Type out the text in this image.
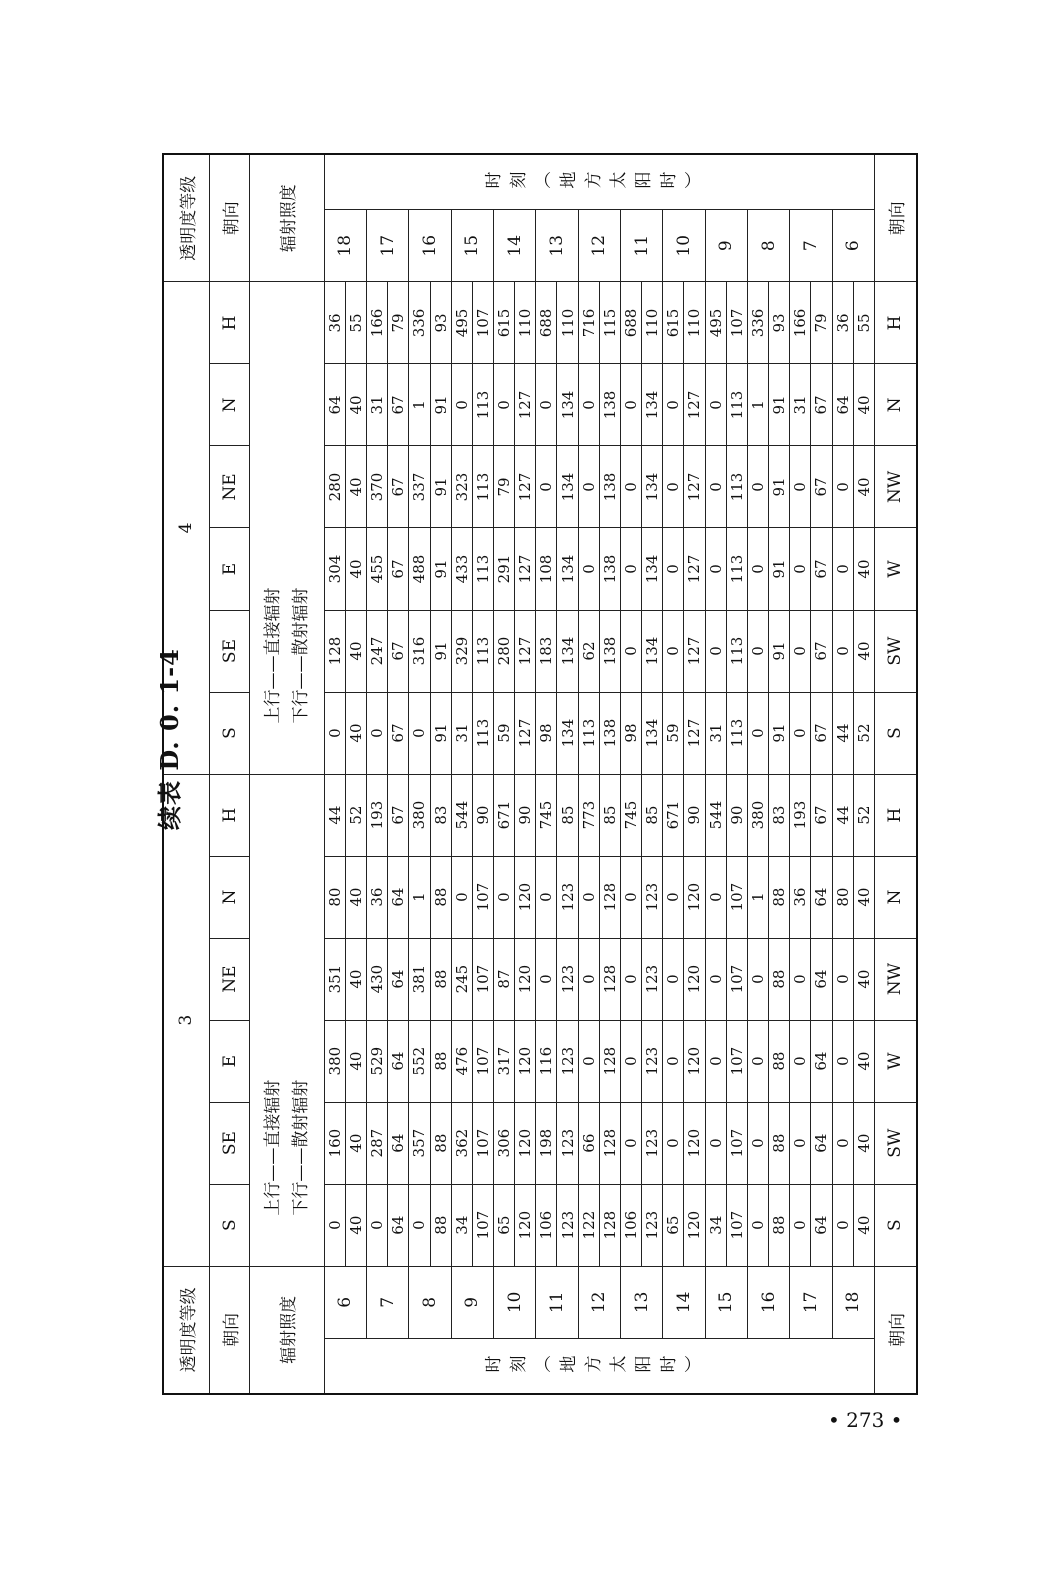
续表 D. 0. 1-4
透明度等级		3						4						透明度等级	
朝向		S	SE	E	NE	N	H	S	SE	E	NE	N	H	朝向	
辐射照度		上行——直接辐射 下行——散射辐射						上行——直接辐射 下行——散射辐射						辐射照度	
时刻（地方太阳时）	6	0	160	380	351	80	44	0	128	304	280	64	36	18	时刻（地方太阳时）
		40	40	40	40	40	52	40	40	40	40	40	55		
	7	0	287	529	430	36	193	0	247	455	370	31	166	17	
		64	64	64	64	64	67	67	67	67	67	67	79		
	8	0	357	552	381	1	380	0	316	488	337	1	336	16	
		88	88	88	88	88	83	91	91	91	91	91	93		
	9	34	362	476	245	0	544	31	329	433	323	0	495	15	
		107	107	107	107	107	90	113	113	113	113	113	107		
	10	65	306	317	87	0	671	59	280	291	79	0	615	14	
		120	120	120	120	120	90	127	127	127	127	127	110		
	11	106	198	116	0	0	745	98	183	108	0	0	688	13	
		123	123	123	123	123	85	134	134	134	134	134	110		
	12	122	66	0	0	0	773	113	62	0	0	0	716	12	
		128	128	128	128	128	85	138	138	138	138	138	115		
	13	106	0	0	0	0	745	98	0	0	0	0	688	11	
		123	123	123	123	123	85	134	134	134	134	134	110		
	14	65	0	0	0	0	671	59	0	0	0	0	615	10	
		120	120	120	120	120	90	127	127	127	127	127	110		
	15	34	0	0	0	0	544	31	0	0	0	0	495	9	
		107	107	107	107	107	90	113	113	113	113	113	107		
	16	0	0	0	0	1	380	0	0	0	0	1	336	8	
		88	88	88	88	88	83	91	91	91	91	91	93		
	17	0	0	0	0	36	193	0	0	0	0	31	166	7	
		64	64	64	64	64	67	67	67	67	67	67	79		
	18	0	0	0	0	80	44	44	0	0	0	64	36	6	
		40	40	40	40	40	52	52	40	40	40	40	55		
朝向		S	SW	W	NW	N	H	S	SW	W	NW	N	H	朝向	
• 273 •
